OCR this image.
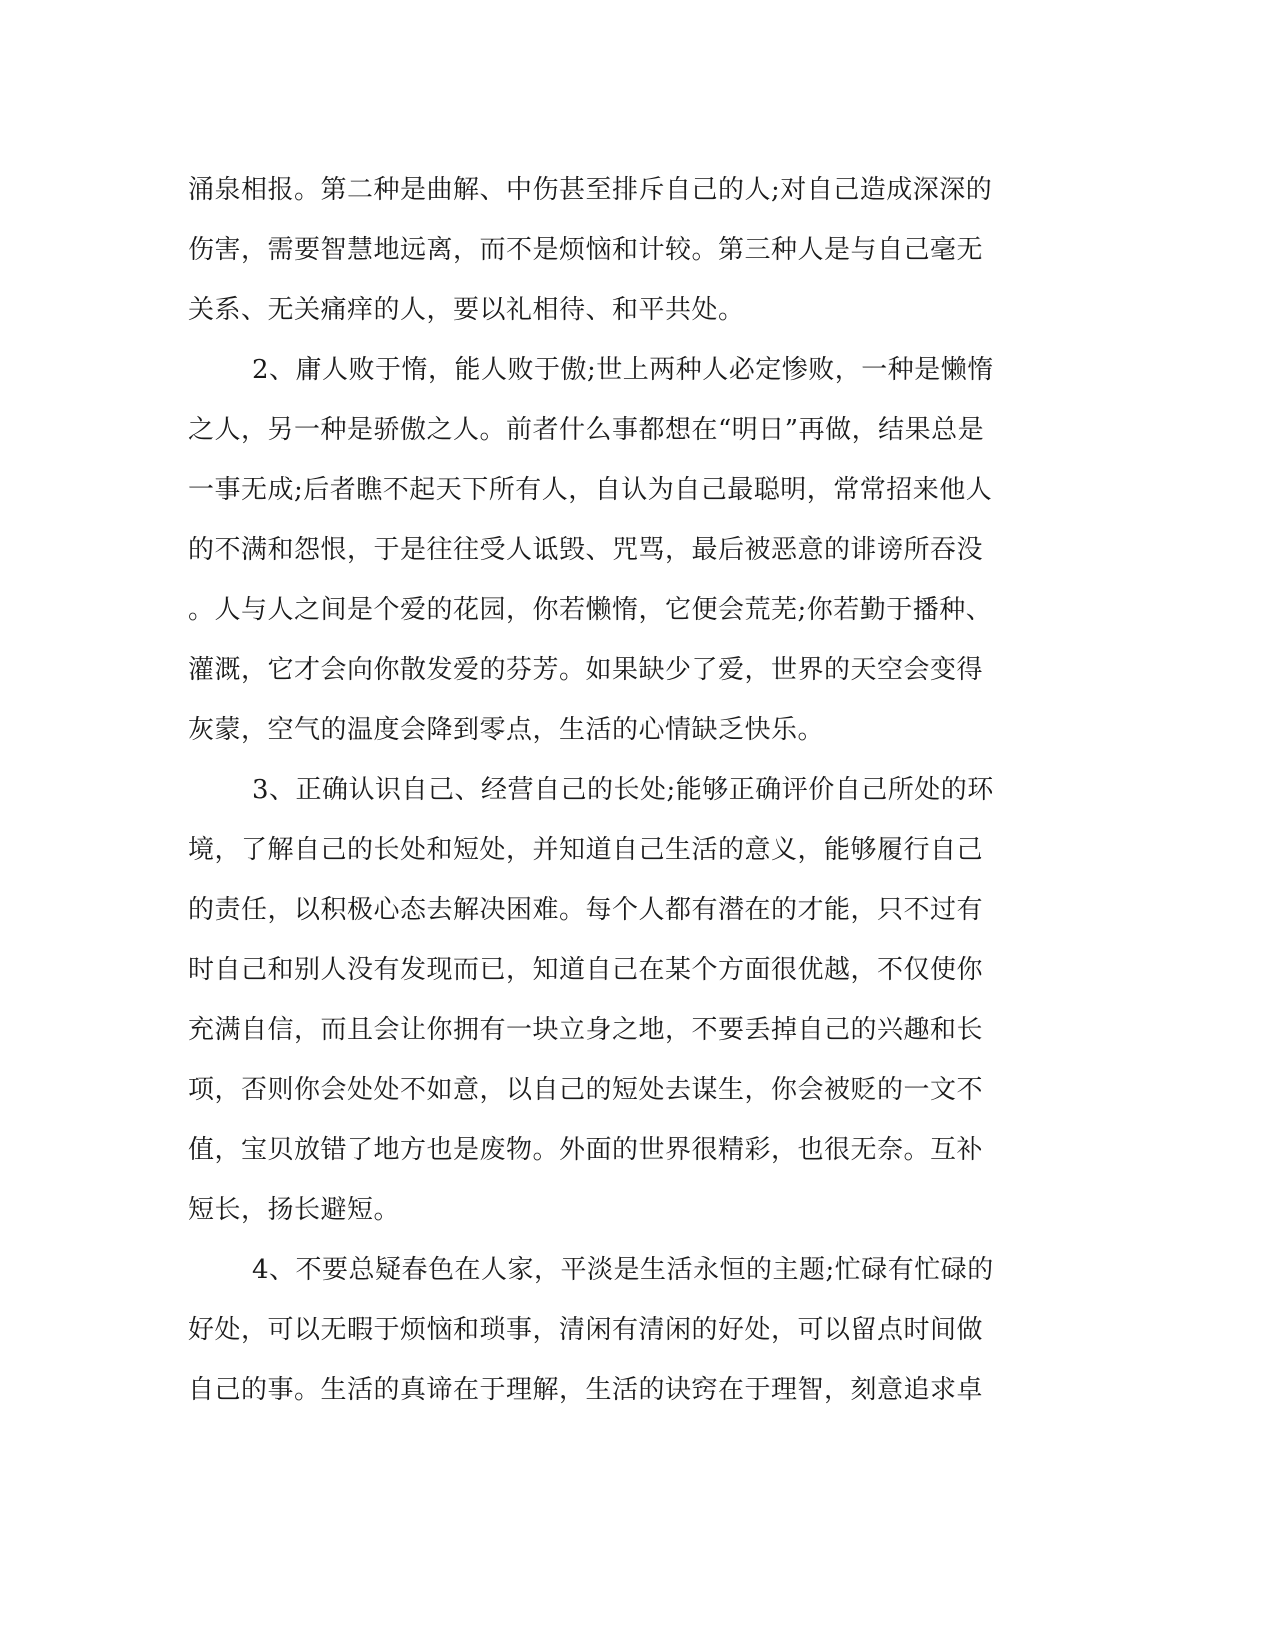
涌泉相报。第二种是曲解、中伤甚至排斥自己的人;对自己造成深深的
伤害，需要智慧地远离，而不是烦恼和计较。第三种人是与自己毫无
关系、无关痛痒的人，要以礼相待、和平共处。
2、庸人败于惰，能人败于傲;世上两种人必定惨败，一种是懒惰
之人，另一种是骄傲之人。前者什么事都想在“明日”再做，结果总是
一事无成;后者瞧不起天下所有人，自认为自己最聪明，常常招来他人
的不满和怨恨，于是往往受人诋毁、咒骂，最后被恶意的诽谤所吞没
。人与人之间是个爱的花园，你若懒惰，它便会荒芜;你若勤于播种、
灌溉，它才会向你散发爱的芬芳。如果缺少了爱，世界的天空会变得
灰蒙，空气的温度会降到零点，生活的心情缺乏快乐。
3、正确认识自己、经营自己的长处;能够正确评价自己所处的环
境，了解自己的长处和短处，并知道自己生活的意义，能够履行自己
的责任，以积极心态去解决困难。每个人都有潜在的才能，只不过有
时自己和别人没有发现而已，知道自己在某个方面很优越，不仅使你
充满自信，而且会让你拥有一块立身之地，不要丢掉自己的兴趣和长
项，否则你会处处不如意，以自己的短处去谋生，你会被贬的一文不
值，宝贝放错了地方也是废物。外面的世界很精彩，也很无奈。互补
短长，扬长避短。
4、不要总疑春色在人家，平淡是生活永恒的主题;忙碌有忙碌的
好处，可以无暇于烦恼和琐事，清闲有清闲的好处，可以留点时间做
自己的事。生活的真谛在于理解，生活的诀窍在于理智，刻意追求卓
